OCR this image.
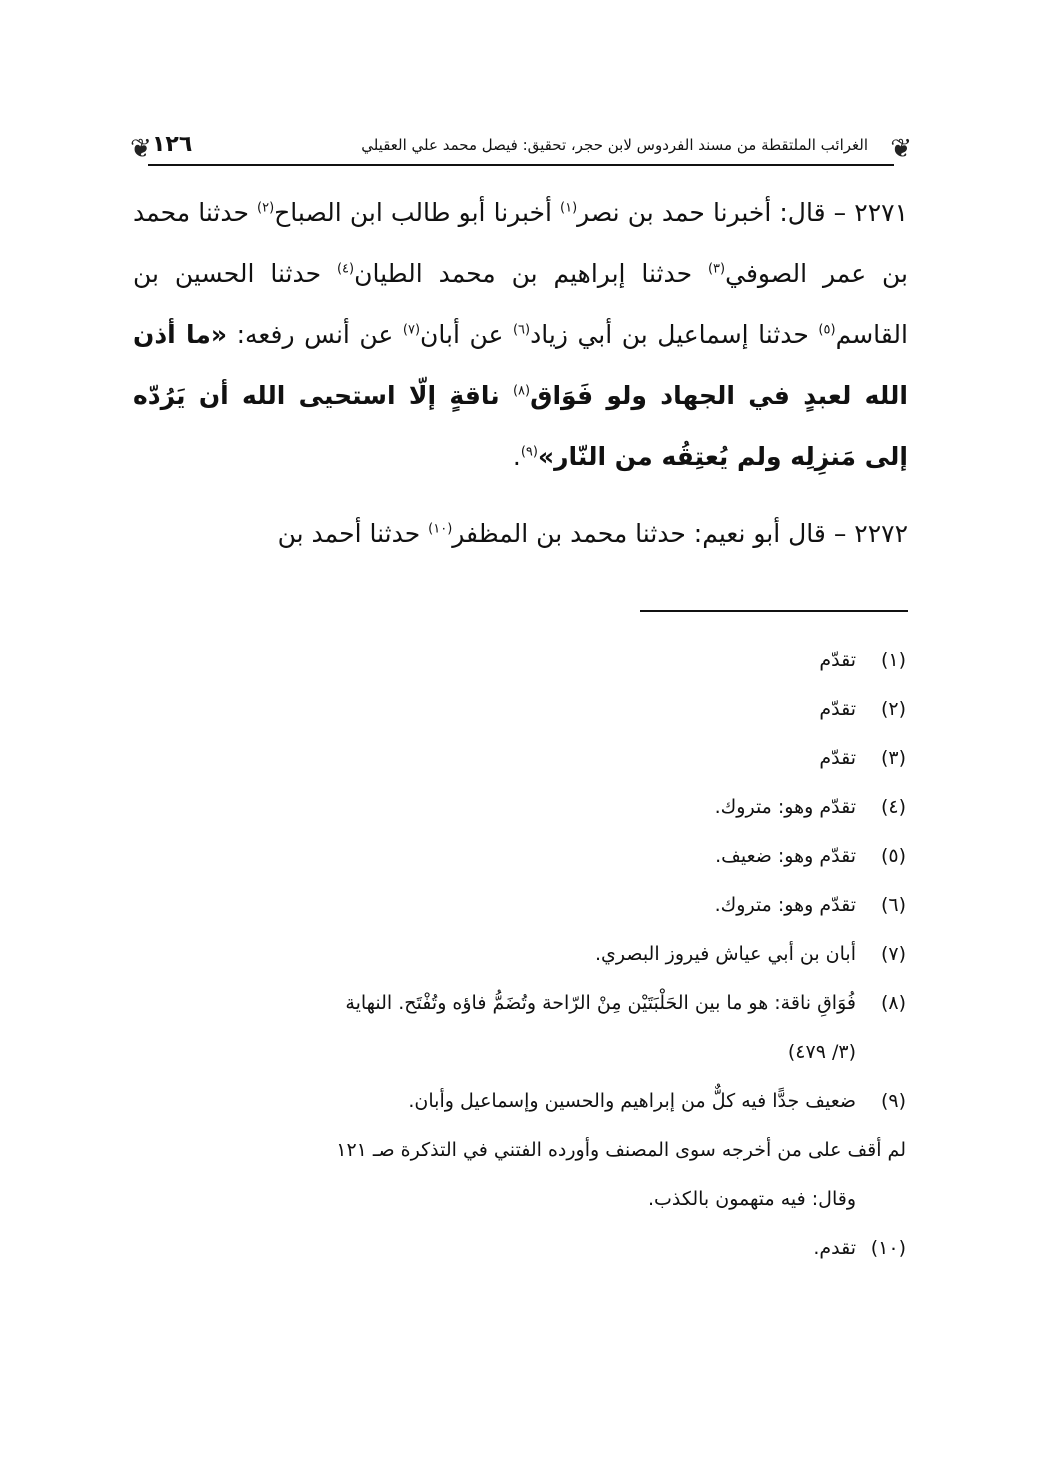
❦ ١٢٦	الغرائب الملتقطة من مسند الفردوس لابن حجر، تحقيق: فيصل محمد علي العقيلي ❦

٢٢٧١ – قال: أخبرنا حمد بن نصر$^{(١)}$ أخبرنا أبو طالب ابن الصباح$^{(٢)}$ حدثنا محمد بن عمر الصوفي$^{(٣)}$ حدثنا إبراهيم بن محمد الطيان$^{(٤)}$ حدثنا الحسين بن القاسم$^{(٥)}$ حدثنا إسماعيل بن أبي زياد$^{(٦)}$ عن أبان$^{(٧)}$ عن أنس رفعه: «ما أذن الله لعبدٍ في الجهاد ولو فَوَاق$^{(٨)}$ ناقةٍ إلّا استحيى الله أن يَرُدّه إلى مَنزِلِه ولم يُعتِقُه من النّار»$^{(٩)}$.

٢٢٧٢ – قال أبو نعيم: حدثنا محمد بن المظفر$^{(١٠)}$ حدثنا أحمد بن

(١)
تقدّم
(٢)
تقدّم
(٣)
تقدّم
(٤)
تقدّم وهو: متروك.
(٥)
تقدّم وهو: ضعيف.
(٦)
تقدّم وهو: متروك.
(٧)
أبان بن أبي عياش فيروز البصري.
(٨)
فُوَاقِ ناقة: هو ما بين الحَلْبَتَيْن مِنْ الرّاحة وتُضَمُّ فاؤه وتُفْتَح. النهاية
(٣/ ٤٧٩)
(٩)
ضعيف جدًّا فيه كلٌّ من إبراهيم والحسين وإسماعيل وأبان.
لم أقف على من أخرجه سوى المصنف وأورده الفتني في التذكرة صـ ١٢١
وقال: فيه متهمون بالكذب.
(١٠)
تقدم.
